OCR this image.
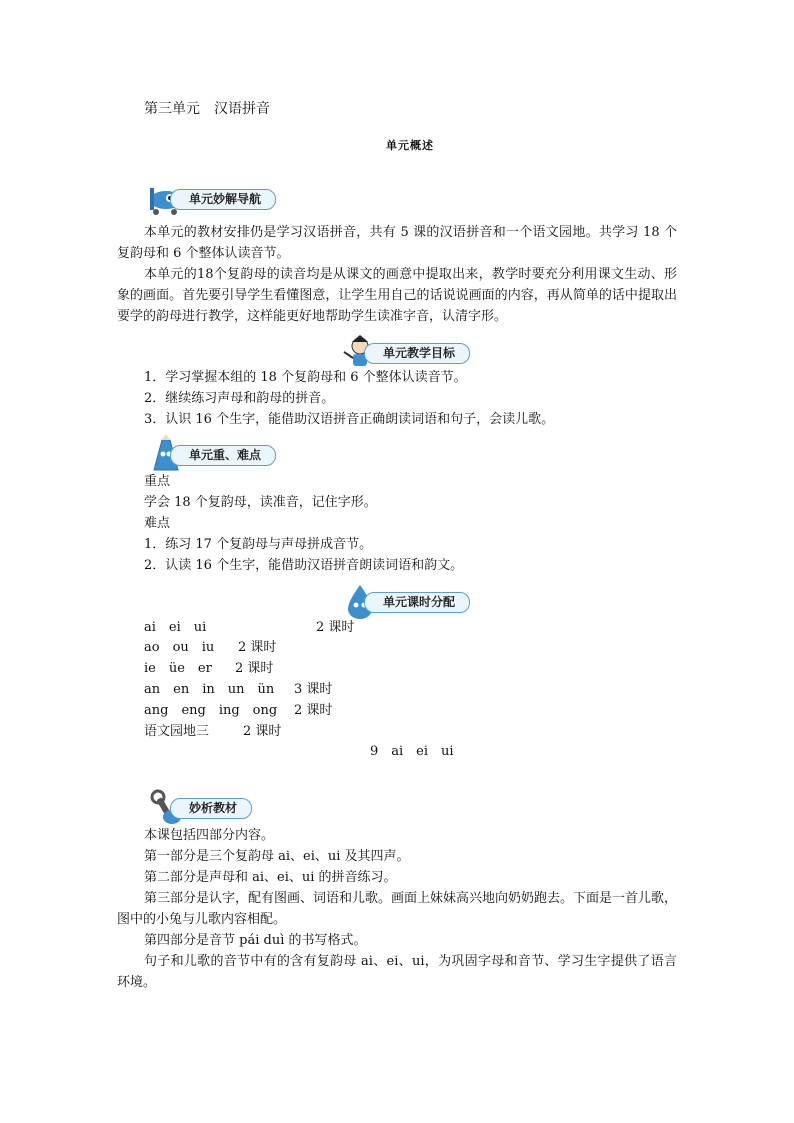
第三单元　汉语拼音
单元概述
单元妙解导航
本单元的教材安排仍是学习汉语拼音，共有 5 课的汉语拼音和一个语文园地。共学习 18 个复韵母和 6 个整体认读音节。
本单元的18个复韵母的读音均是从课文的画意中提取出来，教学时要充分利用课文生动、形象的画面。首先要引导学生看懂图意，让学生用自己的话说说画面的内容，再从简单的话中提取出要学的韵母进行教学，这样能更好地帮助学生读准字音，认清字形。
单元教学目标
1．学习掌握本组的 18 个复韵母和 6 个整体认读音节。
2．继续练习声母和韵母的拼音。
3．认识 16 个生字，能借助汉语拼音正确朗读词语和句子，会读儿歌。
单元重、难点
重点
学会 18 个复韵母，读准音，记住字形。
难点
1．练习 17 个复韵母与声母拼成音节。
2．认读 16 个生字，能借助汉语拼音朗读词语和韵文。
单元课时分配
ai　ei　ui	2 课时
ao　ou　iu 2 课时
ie　üe　er 2 课时
an　en　in　un　ün 3 课时
ang　eng　ing　ong 2 课时
语文园地三	2 课时
9　ai　ei　ui
妙析教材
本课包括四部分内容。
第一部分是三个复韵母 ai、ei、ui 及其四声。
第二部分是声母和 ai、ei、ui 的拼音练习。
第三部分是认字，配有图画、词语和儿歌。画面上妹妹高兴地向奶奶跑去。下面是一首儿歌，图中的小兔与儿歌内容相配。
第四部分是音节 pái duì 的书写格式。
句子和儿歌的音节中有的含有复韵母 ai、ei、ui，为巩固字母和音节、学习生字提供了语言环境。
